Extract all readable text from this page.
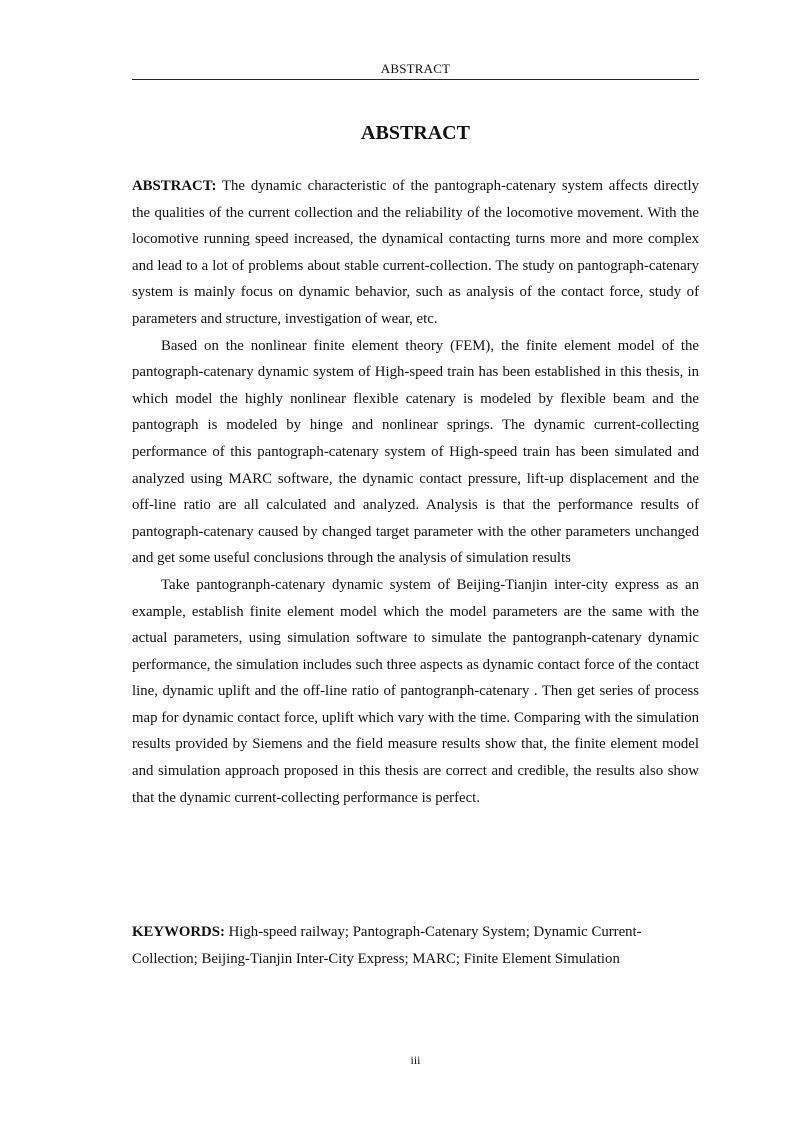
ABSTRACT
ABSTRACT

ABSTRACT: The dynamic characteristic of the pantograph-catenary system affects directly the qualities of the current collection and the reliability of the locomotive movement. With the locomotive running speed increased, the dynamical contacting turns more and more complex and lead to a lot of problems about stable current-collection. The study on pantograph-catenary system is mainly focus on dynamic behavior, such as analysis of the contact force, study of parameters and structure, investigation of wear, etc.

Based on the nonlinear finite element theory (FEM), the finite element model of the pantograph-catenary dynamic system of High-speed train has been established in this thesis, in which model the highly nonlinear flexible catenary is modeled by flexible beam and the pantograph is modeled by hinge and nonlinear springs. The dynamic current-collecting performance of this pantograph-catenary system of High-speed train has been simulated and analyzed using MARC software, the dynamic contact pressure, lift-up displacement and the off-line ratio are all calculated and analyzed. Analysis is that the performance results of pantograph-catenary caused by changed target parameter with the other parameters unchanged and get some useful conclusions through the analysis of simulation results

Take pantogranph-catenary dynamic system of Beijing-Tianjin inter-city express as an example, establish finite element model which the model parameters are the same with the actual parameters, using simulation software to simulate the pantogranph-catenary dynamic performance, the simulation includes such three aspects as dynamic contact force of the contact line, dynamic uplift and the off-line ratio of pantogranph-catenary . Then get series of process map for dynamic contact force, uplift which vary with the time. Comparing with the simulation results provided by Siemens and the field measure results show that, the finite element model and simulation approach proposed in this thesis are correct and credible, the results also show that the dynamic current-collecting performance is perfect.

KEYWORDS: High-speed railway; Pantograph-Catenary System; Dynamic Current-Collection; Beijing-Tianjin Inter-City Express; MARC; Finite Element Simulation

iii
